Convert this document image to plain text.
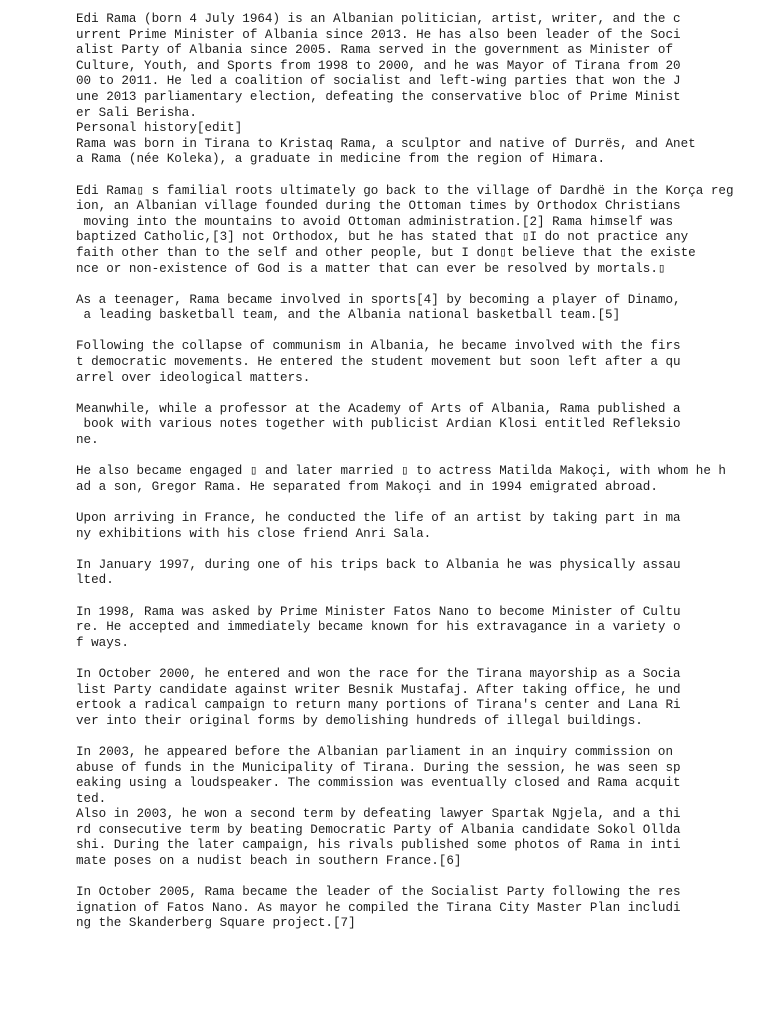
Edi Rama (born 4 July 1964) is an Albanian politician, artist, writer, and the c
urrent Prime Minister of Albania since 2013. He has also been leader of the Soci
alist Party of Albania since 2005. Rama served in the government as Minister of
Culture, Youth, and Sports from 1998 to 2000, and he was Mayor of Tirana from 20
00 to 2011. He led a coalition of socialist and left-wing parties that won the J
une 2013 parliamentary election, defeating the conservative bloc of Prime Minist
er Sali Berisha.
Personal history[edit]
Rama was born in Tirana to Kristaq Rama, a sculptor and native of Durrës, and Anet
a Rama (née Koleka), a graduate in medicine from the region of Himara.
Edi Rama▯ s familial roots ultimately go back to the village of Dardhë in the Korça reg
ion, an Albanian village founded during the Ottoman times by Orthodox Christians
moving into the mountains to avoid Ottoman administration.[2] Rama himself was
baptized Catholic,[3] not Orthodox, but he has stated that ▯I do not practice any
faith other than to the self and other people, but I don▯t believe that the existe
nce or non-existence of God is a matter that can ever be resolved by mortals.▯
As a teenager, Rama became involved in sports[4] by becoming a player of Dinamo,
a leading basketball team, and the Albania national basketball team.[5]
Following the collapse of communism in Albania, he became involved with the firs
t democratic movements. He entered the student movement but soon left after a qu
arrel over ideological matters.
Meanwhile, while a professor at the Academy of Arts of Albania, Rama published a
book with various notes together with publicist Ardian Klosi entitled Refleksio
ne.
He also became engaged ▯ and later married ▯ to actress Matilda Makoçi, with whom he h
ad a son, Gregor Rama. He separated from Makoçi and in 1994 emigrated abroad.
Upon arriving in France, he conducted the life of an artist by taking part in ma
ny exhibitions with his close friend Anri Sala.
In January 1997, during one of his trips back to Albania he was physically assau
lted.
In 1998, Rama was asked by Prime Minister Fatos Nano to become Minister of Cultu
re. He accepted and immediately became known for his extravagance in a variety o
f ways.
In October 2000, he entered and won the race for the Tirana mayorship as a Socia
list Party candidate against writer Besnik Mustafaj. After taking office, he und
ertook a radical campaign to return many portions of Tirana's center and Lana Ri
ver into their original forms by demolishing hundreds of illegal buildings.
In 2003, he appeared before the Albanian parliament in an inquiry commission on
abuse of funds in the Municipality of Tirana. During the session, he was seen sp
eaking using a loudspeaker. The commission was eventually closed and Rama acquit
ted.
Also in 2003, he won a second term by defeating lawyer Spartak Ngjela, and a thi
rd consecutive term by beating Democratic Party of Albania candidate Sokol Ollda
shi. During the later campaign, his rivals published some photos of Rama in inti
mate poses on a nudist beach in southern France.[6]
In October 2005, Rama became the leader of the Socialist Party following the res
ignation of Fatos Nano. As mayor he compiled the Tirana City Master Plan includi
ng the Skanderberg Square project.[7]
